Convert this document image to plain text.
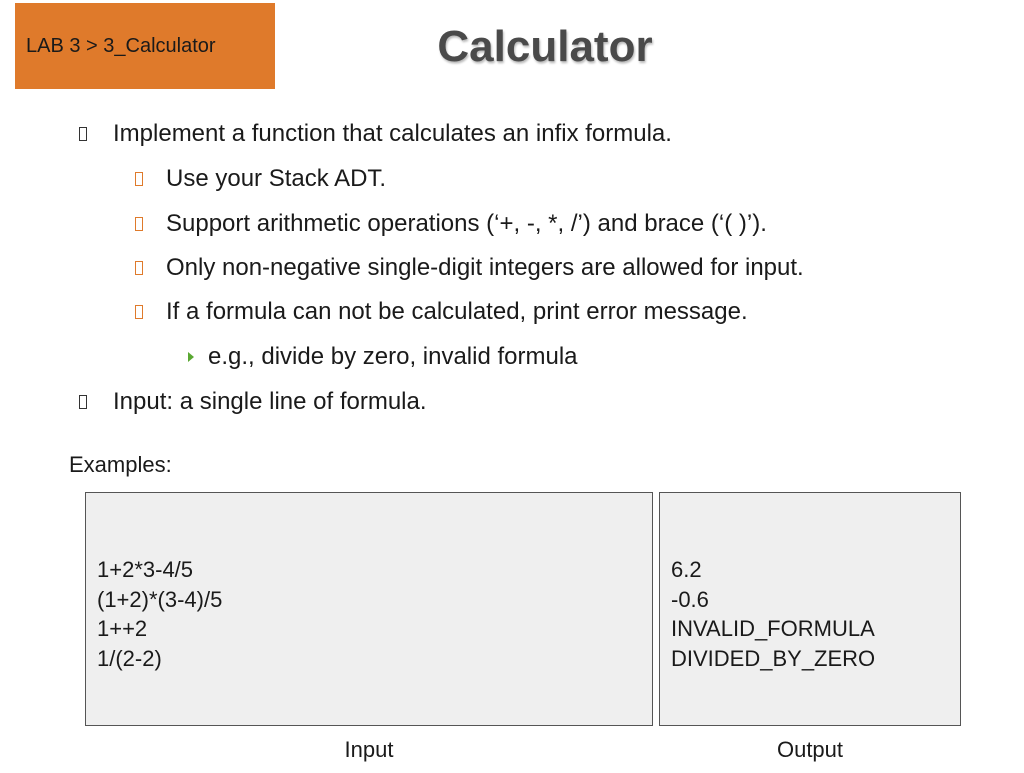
LAB 3 > 3_Calculator	Calculator
Implement a function that calculates an infix formula.
Use your Stack ADT.
Support arithmetic operations (‘+, -, *, /’) and brace (‘( )’).
Only non-negative single-digit integers are allowed for input.
If a formula can not be calculated, print error message.
e.g., divide by zero, invalid formula
Input: a single line of formula.
Examples:
1+2*3-4/5
(1+2)*(3-4)/5
1++2
1/(2-2)
6.2
-0.6
INVALID_FORMULA
DIVIDED_BY_ZERO
Input	Output
